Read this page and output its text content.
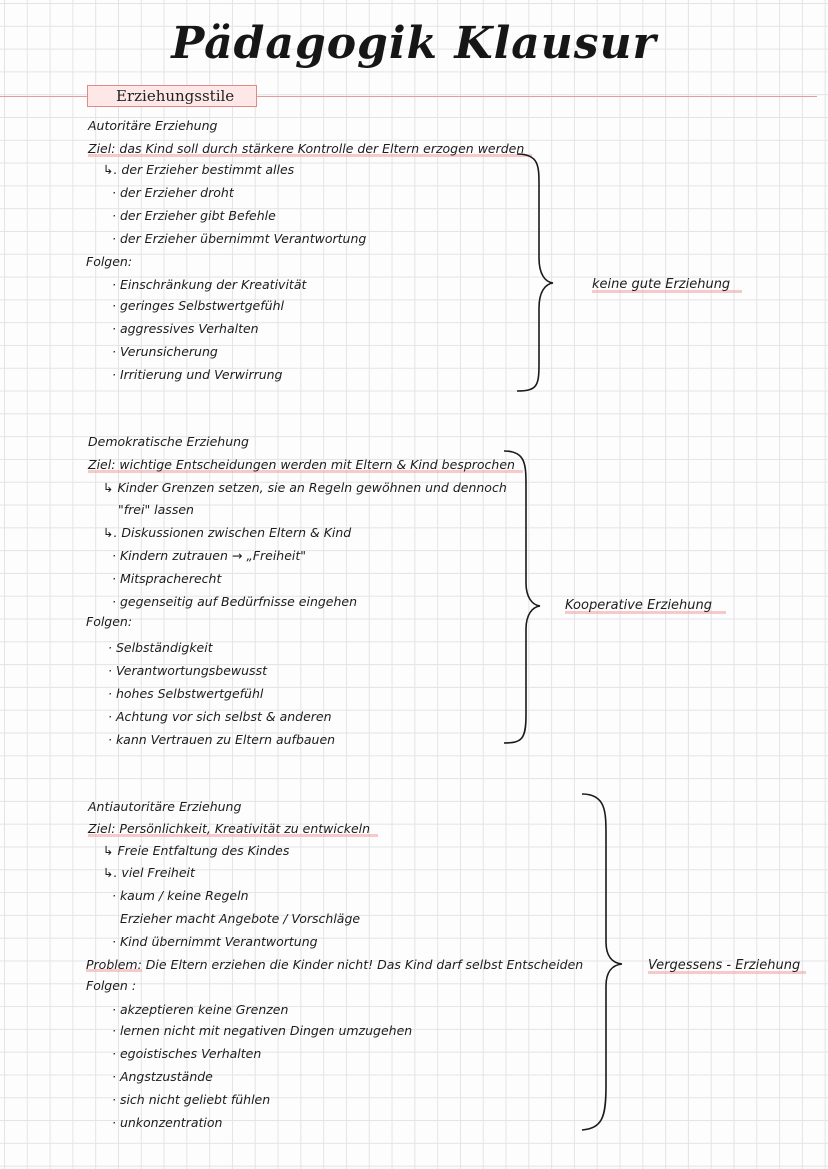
Pädagogik Klausur
Erziehungsstile
Autoritäre Erziehung
Ziel: das Kind soll durch stärkere Kontrolle der Eltern erzogen werden
↳. der Erzieher bestimmt alles
· der Erzieher droht
· der Erzieher gibt Befehle
· der Erzieher übernimmt Verantwortung
Folgen:
· Einschränkung der Kreativität
· geringes Selbstwertgefühl
· aggressives Verhalten
· Verunsicherung
· Irritierung und Verwirrung
keine gute Erziehung
Demokratische Erziehung
Ziel: wichtige Entscheidungen werden mit Eltern & Kind besprochen
↳ Kinder Grenzen setzen, sie an Regeln gewöhnen und dennoch
"frei" lassen
↳. Diskussionen zwischen Eltern & Kind
· Kindern zutrauen → „Freiheit"
· Mitspracherecht
· gegenseitig auf Bedürfnisse eingehen
Folgen:
· Selbständigkeit
· Verantwortungsbewusst
· hohes Selbstwertgefühl
· Achtung vor sich selbst & anderen
· kann Vertrauen zu Eltern aufbauen
Kooperative Erziehung
Antiautoritäre Erziehung
Ziel: Persönlichkeit, Kreativität zu entwickeln
↳ Freie Entfaltung des Kindes
↳. viel Freiheit
· kaum / keine Regeln
Erzieher macht Angebote / Vorschläge
· Kind übernimmt Verantwortung
Problem: Die Eltern erziehen die Kinder nicht! Das Kind darf selbst Entscheiden
Folgen :
· akzeptieren keine Grenzen
· lernen nicht mit negativen Dingen umzugehen
· egoistisches Verhalten
· Angstzustände
· sich nicht geliebt fühlen
· unkonzentration
Vergessens - Erziehung
